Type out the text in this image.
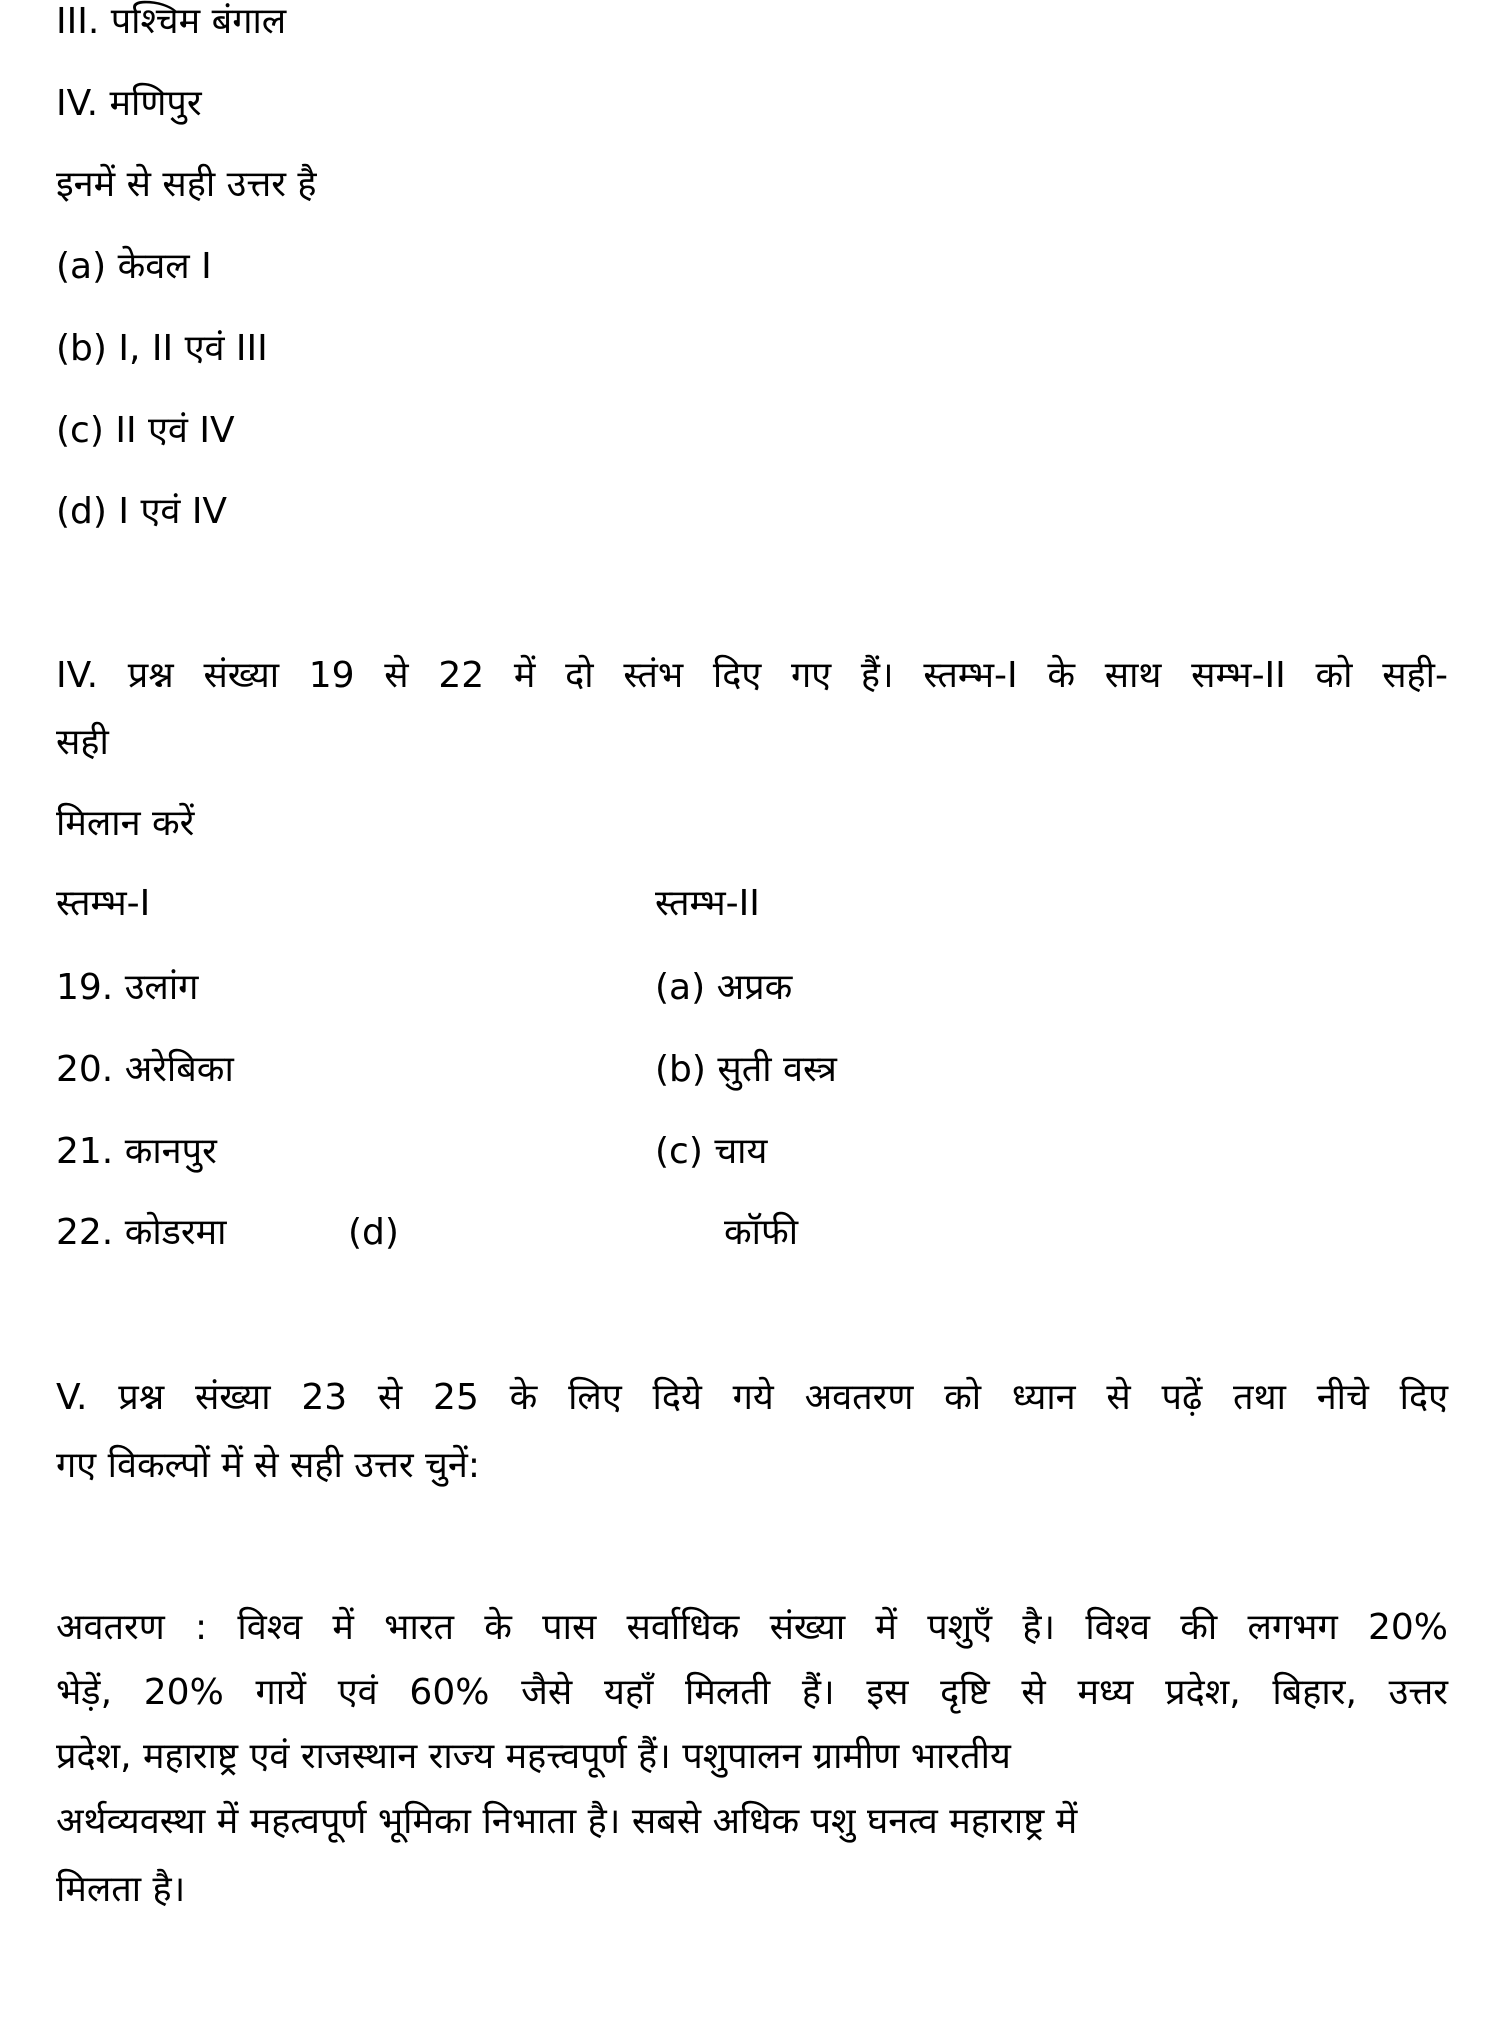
III. पश्चिम बंगाल
IV. मणिपुर
इनमें से सही उत्तर है
(a) केवल I
(b) I, II एवं III
(c) II एवं IV
(d) I एवं IV
IV. प्रश्न संख्या 19 से 22 में दो स्तंभ दिए गए हैं। स्तम्भ-I के साथ सम्भ-II को सही-
सही
मिलान करें
स्तम्भ-I	स्तम्भ-II
19. उलांग	(a) अप्रक
20. अरेबिका	(b) सुती वस्त्र
21. कानपुर	(c) चाय
22. कोडरमा	(d)	कॉफी
V. प्रश्न संख्या 23 से 25 के लिए दिये गये अवतरण को ध्यान से पढ़ें तथा नीचे दिए
गए विकल्पों में से सही उत्तर चुनें:
अवतरण : विश्व में भारत के पास सर्वाधिक संख्या में पशुएँ है। विश्व की लगभग 20%
भेड़ें, 20% गायें एवं 60% जैसे यहाँ मिलती हैं। इस दृष्टि से मध्य प्रदेश, बिहार, उत्तर
प्रदेश, महाराष्ट्र एवं राजस्थान राज्य महत्त्वपूर्ण हैं। पशुपालन ग्रामीण भारतीय
अर्थव्यवस्था में महत्वपूर्ण भूमिका निभाता है। सबसे अधिक पशु घनत्व महाराष्ट्र में
मिलता है।
